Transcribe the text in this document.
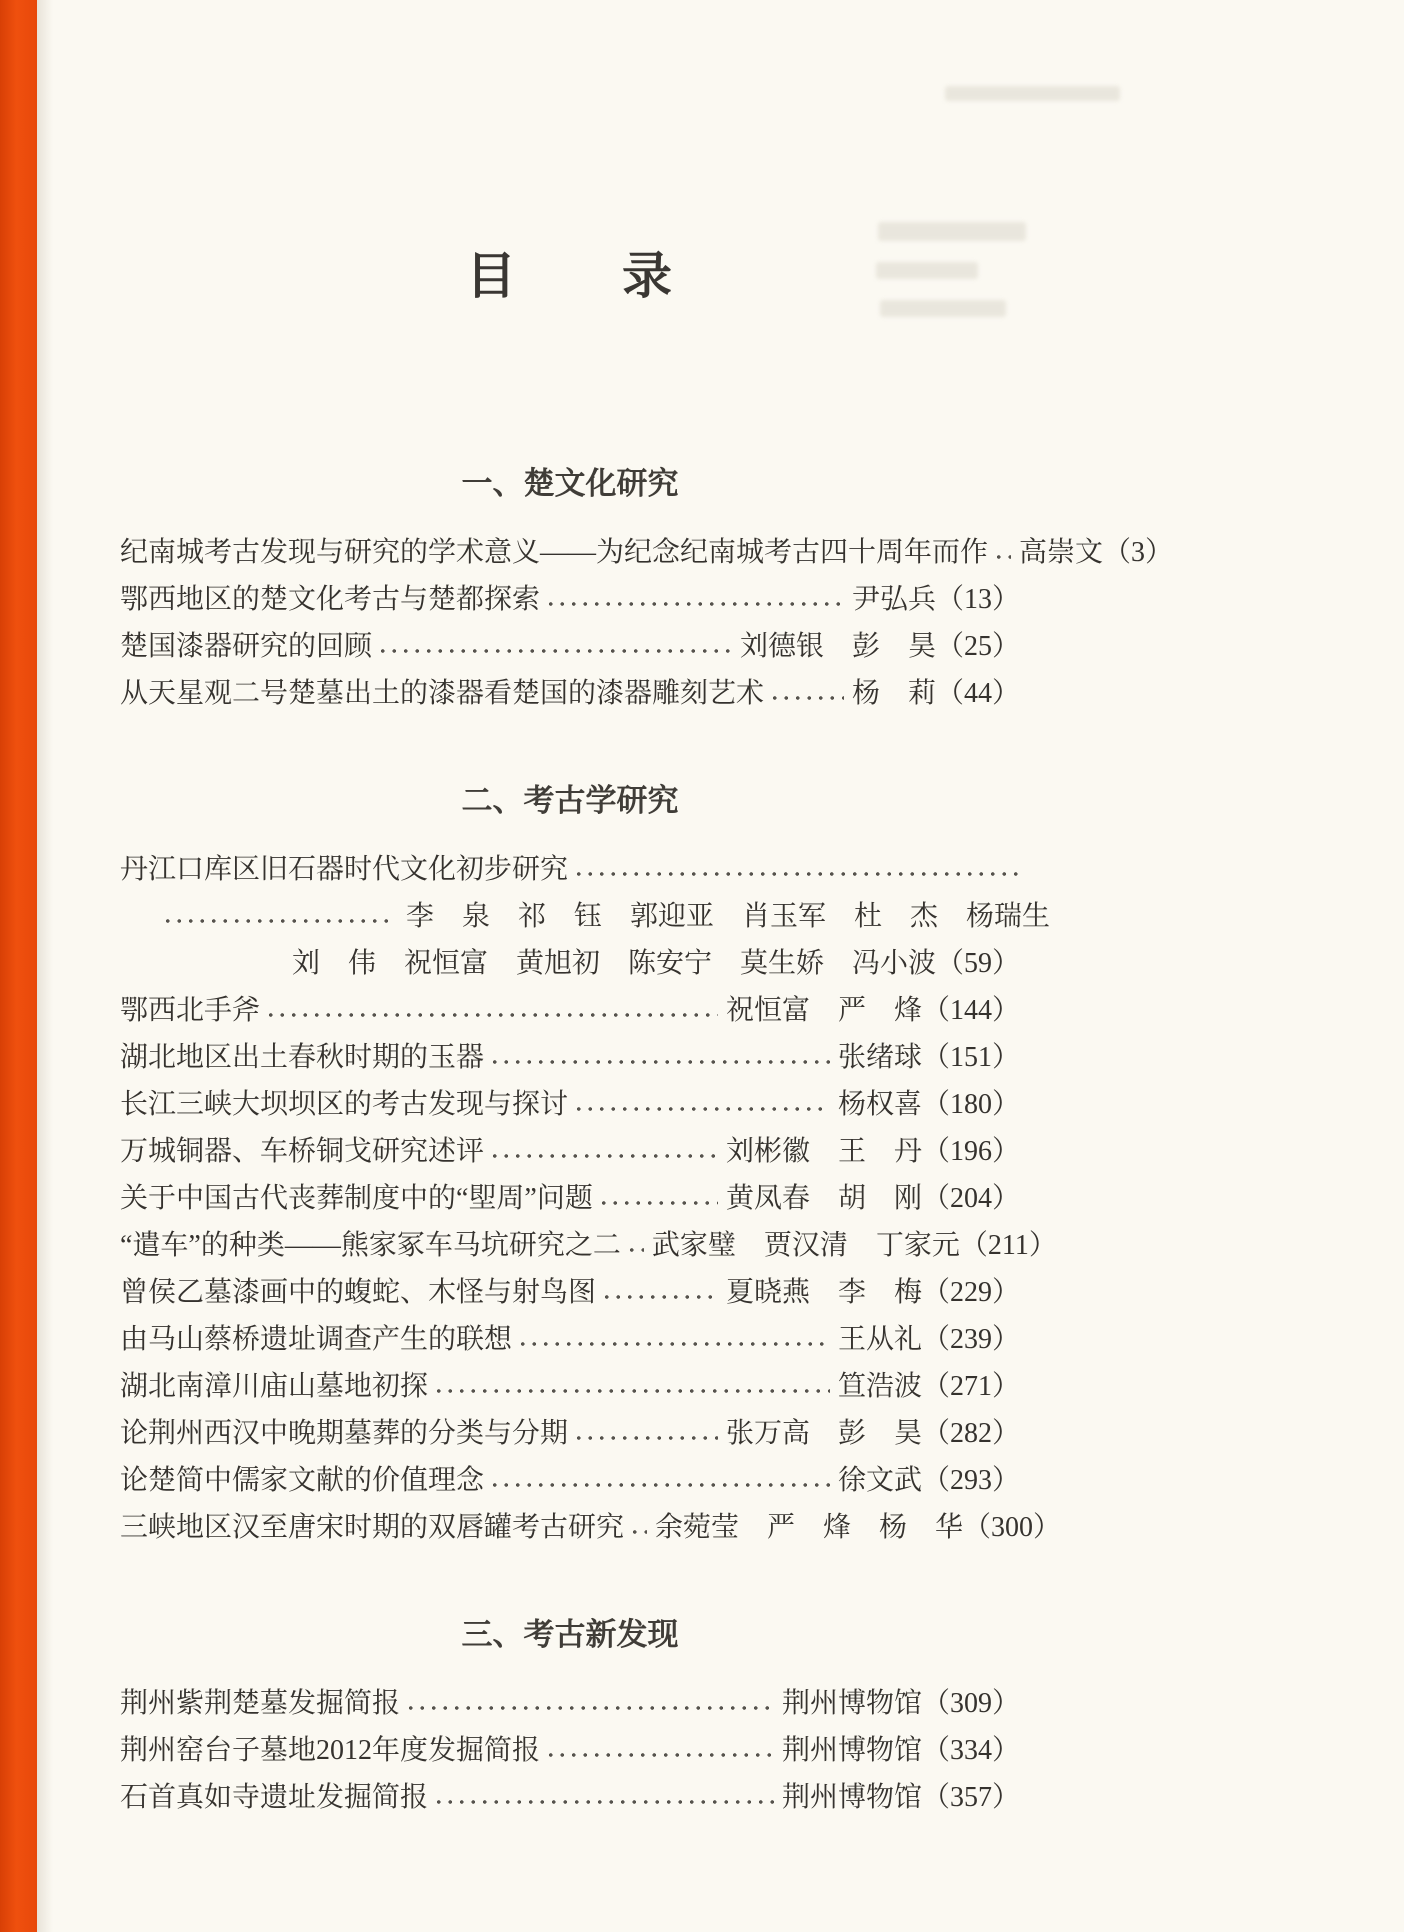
目　　录
一、楚文化研究
纪南城考古发现与研究的学术意义——为纪念纪南城考古四十周年而作 高崇文（3）
鄂西地区的楚文化考古与楚都探索	尹弘兵（13）
楚国漆器研究的回顾	刘德银　彭　昊（25）
从天星观二号楚墓出土的漆器看楚国的漆器雕刻艺术	杨　莉（44）
二、考古学研究
丹江口库区旧石器时代文化初步研究
李　泉　祁　钰　郭迎亚　肖玉军　杜　杰　杨瑞生
刘　伟　祝恒富　黄旭初　陈安宁　莫生娇　冯小波（59）
鄂西北手斧	祝恒富　严　烽（144）
湖北地区出土春秋时期的玉器	张绪球（151）
长江三峡大坝坝区的考古发现与探讨	杨权喜（180）
万城铜器、车桥铜戈研究述评	刘彬徽　王　丹（196）
关于中国古代丧葬制度中的“堲周”问题	黄凤春　胡　刚（204）
“遣车”的种类——熊家冢车马坑研究之二 武家璧　贾汉清　丁家元（211）
曾侯乙墓漆画中的蝮蛇、木怪与射鸟图	夏晓燕　李　梅（229）
由马山蔡桥遗址调查产生的联想	王从礼（239）
湖北南漳川庙山墓地初探	笪浩波（271）
论荆州西汉中晚期墓葬的分类与分期	张万高　彭　昊（282）
论楚简中儒家文献的价值理念	徐文武（293）
三峡地区汉至唐宋时期的双唇罐考古研究 余菀莹　严　烽　杨　华（300）
三、考古新发现
荆州紫荆楚墓发掘简报	荆州博物馆（309）
荆州窑台子墓地2012年度发掘简报	荆州博物馆（334）
石首真如寺遗址发掘简报	荆州博物馆（357）
